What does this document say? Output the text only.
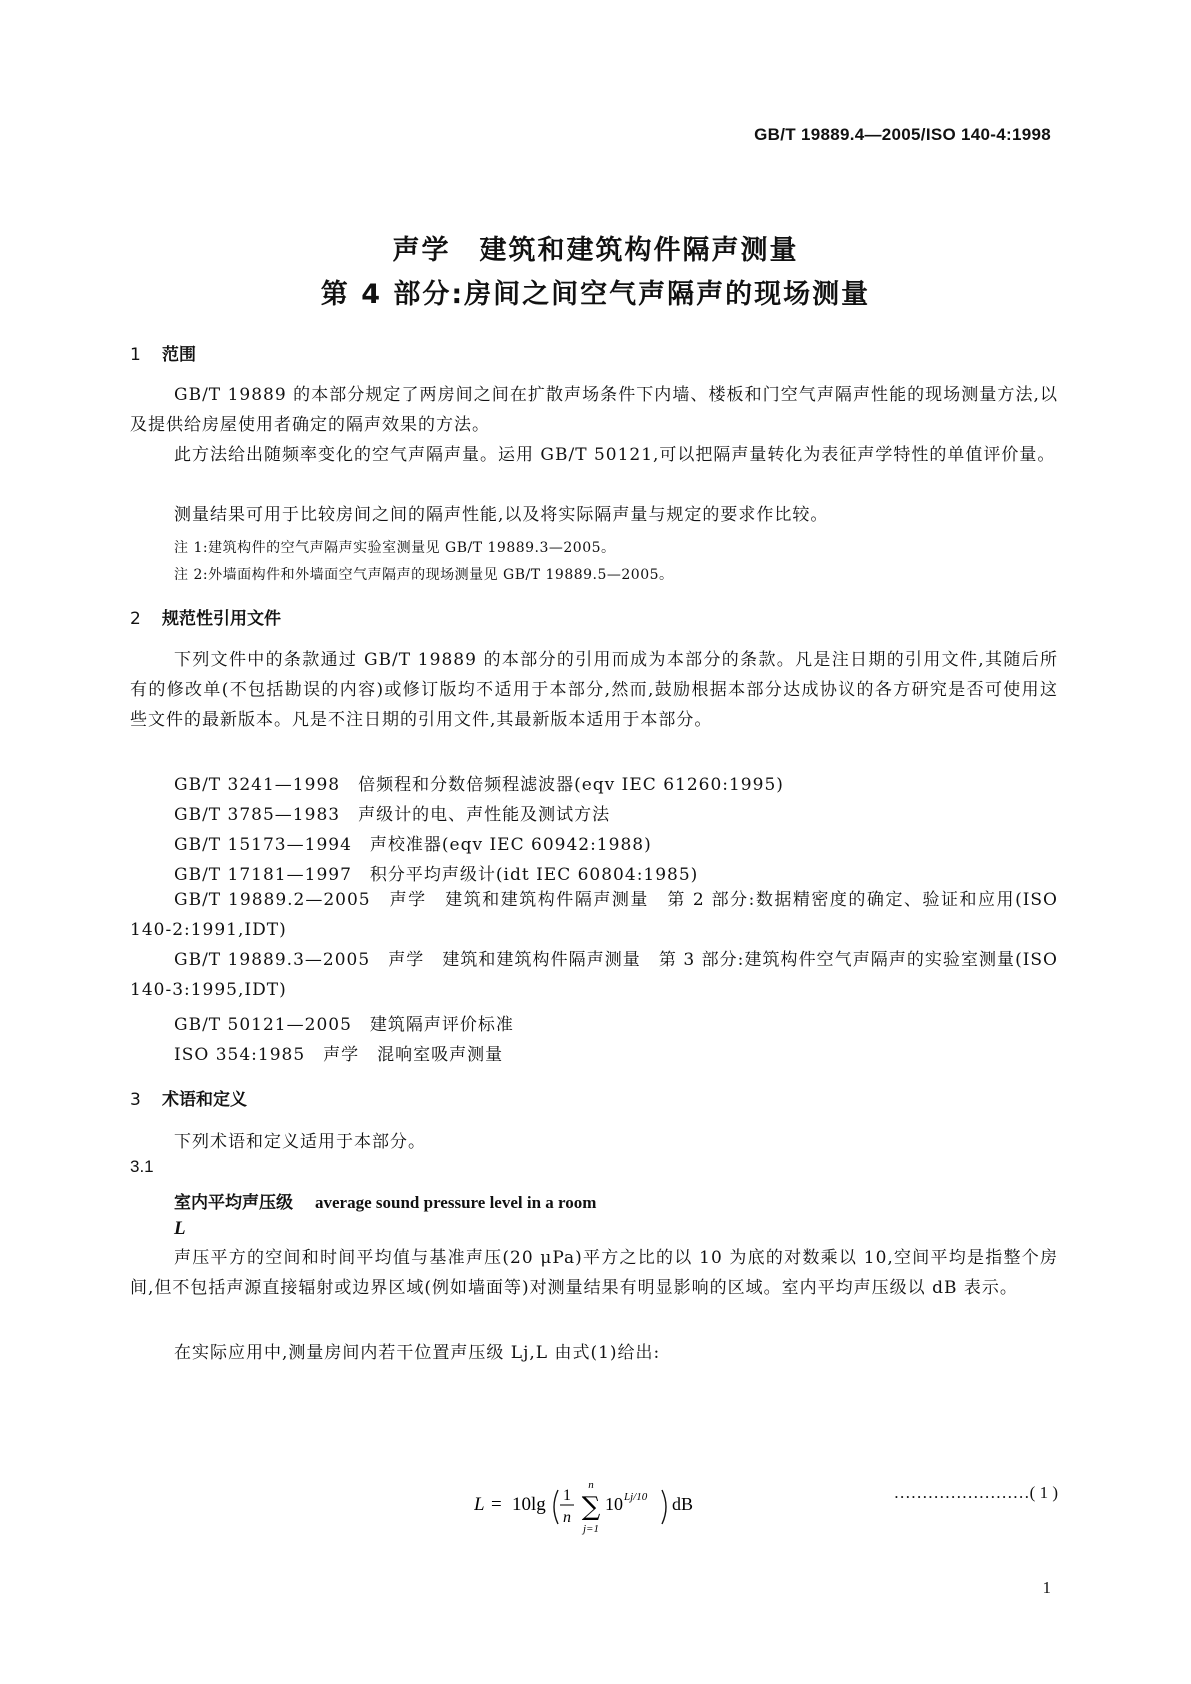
GB/T 19889.4—2005/ISO 140-4:1998
声学　建筑和建筑构件隔声测量
第 4 部分:房间之间空气声隔声的现场测量
1 范围
GB/T 19889 的本部分规定了两房间之间在扩散声场条件下内墙、楼板和门空气声隔声性能的现场测量方法,以及提供给房屋使用者确定的隔声效果的方法。
此方法给出随频率变化的空气声隔声量。运用 GB/T 50121,可以把隔声量转化为表征声学特性的单值评价量。
测量结果可用于比较房间之间的隔声性能,以及将实际隔声量与规定的要求作比较。
注 1:建筑构件的空气声隔声实验室测量见 GB/T 19889.3—2005。
注 2:外墙面构件和外墙面空气声隔声的现场测量见 GB/T 19889.5—2005。
2 规范性引用文件
下列文件中的条款通过 GB/T 19889 的本部分的引用而成为本部分的条款。凡是注日期的引用文件,其随后所有的修改单(不包括勘误的内容)或修订版均不适用于本部分,然而,鼓励根据本部分达成协议的各方研究是否可使用这些文件的最新版本。凡是不注日期的引用文件,其最新版本适用于本部分。
GB/T 3241—1998　倍频程和分数倍频程滤波器(eqv IEC 61260:1995)
GB/T 3785—1983　声级计的电、声性能及测试方法
GB/T 15173—1994　声校准器(eqv IEC 60942:1988)
GB/T 17181—1997　积分平均声级计(idt IEC 60804:1985)
GB/T 19889.2—2005　声学　建筑和建筑构件隔声测量　第 2 部分:数据精密度的确定、验证和应用(ISO 140-2:1991,IDT)
GB/T 19889.3—2005　声学　建筑和建筑构件隔声测量　第 3 部分:建筑构件空气声隔声的实验室测量(ISO 140-3:1995,IDT)
GB/T 50121—2005　建筑隔声评价标准
ISO 354:1985　声学　混响室吸声测量
3 术语和定义
下列术语和定义适用于本部分。
3.1
室内平均声压级 average sound pressure level in a room
L
声压平方的空间和时间平均值与基准声压(20 μPa)平方之比的以 10 为底的对数乘以 10,空间平均是指整个房间,但不包括声源直接辐射或边界区域(例如墙面等)对测量结果有明显影响的区域。室内平均声压级以 dB 表示。
在实际应用中,测量房间内若干位置声压级 Lj,L 由式(1)给出:
L = 10lg 1
n
n
∑
j=1
10 Lj/10 dB
……………………( 1 )
1
